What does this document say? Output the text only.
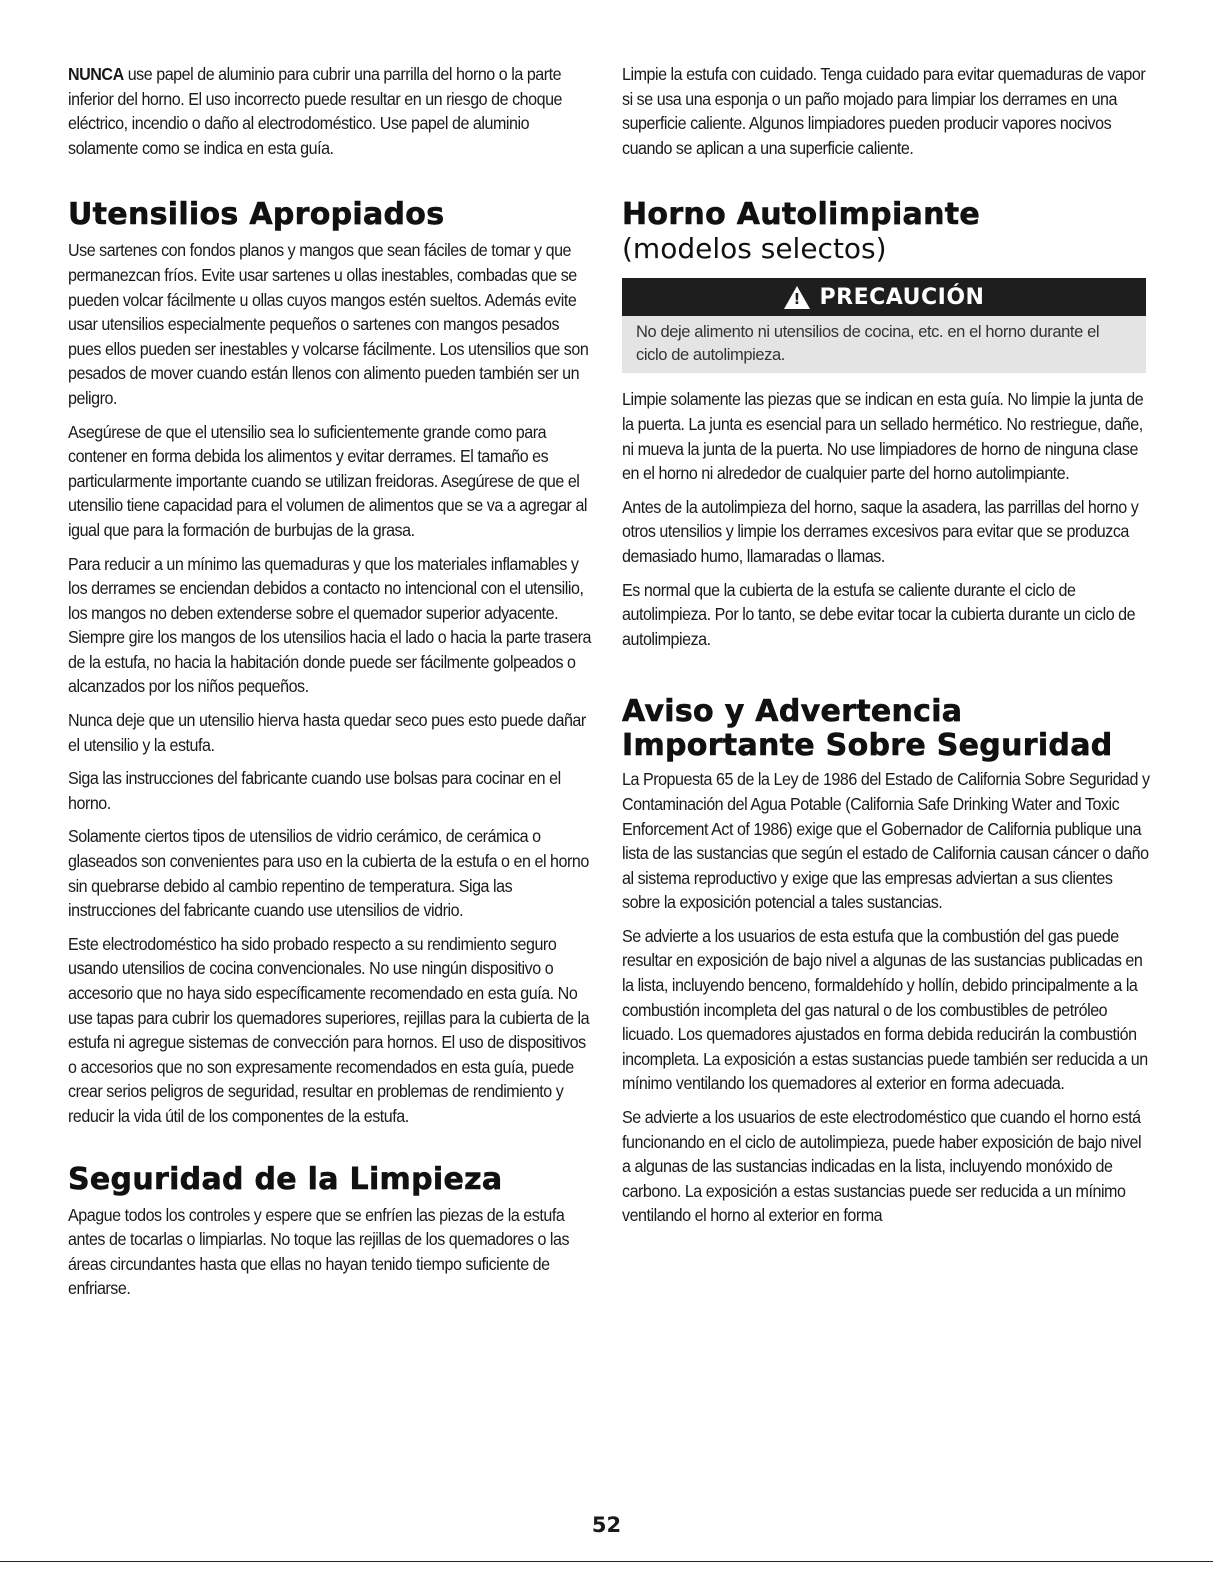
NUNCA use papel de aluminio para cubrir una parrilla del horno o la parte inferior del horno. El uso incorrecto puede resultar en un riesgo de choque eléctrico, incendio o daño al electrodoméstico. Use papel de aluminio solamente como se indica en esta guía.

Utensilios Apropiados

Use sartenes con fondos planos y mangos que sean fáciles de tomar y que permanezcan fríos. Evite usar sartenes u ollas inestables, combadas que se pueden volcar fácilmente u ollas cuyos mangos estén sueltos. Además evite usar utensilios especialmente pequeños o sartenes con mangos pesados pues ellos pueden ser inestables y volcarse fácilmente. Los utensilios que son pesados de mover cuando están llenos con alimento pueden también ser un peligro.

Asegúrese de que el utensilio sea lo suficientemente grande como para contener en forma debida los alimentos y evitar derrames. El tamaño es particularmente importante cuando se utilizan freidoras. Asegúrese de que el utensilio tiene capacidad para el volumen de alimentos que se va a agregar al igual que para la formación de burbujas de la grasa.

Para reducir a un mínimo las quemaduras y que los materiales inflamables y los derrames se enciendan debidos a contacto no intencional con el utensilio, los mangos no deben extenderse sobre el quemador superior adyacente. Siempre gire los mangos de los utensilios hacia el lado o hacia la parte trasera de la estufa, no hacia la habitación donde puede ser fácilmente golpeados o alcanzados por los niños pequeños.

Nunca deje que un utensilio hierva hasta quedar seco pues esto puede dañar el utensilio y la estufa.

Siga las instrucciones del fabricante cuando use bolsas para cocinar en el horno.

Solamente ciertos tipos de utensilios de vidrio cerámico, de cerámica o glaseados son convenientes para uso en la cubierta de la estufa o en el horno sin quebrarse debido al cambio repentino de temperatura. Siga las instrucciones del fabricante cuando use utensilios de vidrio.

Este electrodoméstico ha sido probado respecto a su rendimiento seguro usando utensilios de cocina convencionales. No use ningún dispositivo o accesorio que no haya sido específicamente recomendado en esta guía. No use tapas para cubrir los quemadores superiores, rejillas para la cubierta de la estufa ni agregue sistemas de convección para hornos. El uso de dispositivos o accesorios que no son expresamente recomendados en esta guía, puede crear serios peligros de seguridad, resultar en problemas de rendimiento y reducir la vida útil de los componentes de la estufa.

Seguridad de la Limpieza

Apague todos los controles y espere que se enfríen las piezas de la estufa antes de tocarlas o limpiarlas. No toque las rejillas de los quemadores o las áreas circundantes hasta que ellas no hayan tenido tiempo suficiente de enfriarse.

Limpie la estufa con cuidado. Tenga cuidado para evitar quemaduras de vapor si se usa una esponja o un paño mojado para limpiar los derrames en una superficie caliente. Algunos limpiadores pueden producir vapores nocivos cuando se aplican a una superficie caliente.

Horno Autolimpiante
(modelos selectos)
! PRECAUCIÓN
No deje alimento ni utensilios de cocina, etc. en el horno durante el ciclo de autolimpieza.

Limpie solamente las piezas que se indican en esta guía. No limpie la junta de la puerta. La junta es esencial para un sellado hermético. No restriegue, dañe, ni mueva la junta de la puerta. No use limpiadores de horno de ninguna clase en el horno ni alrededor de cualquier parte del horno autolimpiante.

Antes de la autolimpieza del horno, saque la asadera, las parrillas del horno y otros utensilios y limpie los derrames excesivos para evitar que se produzca demasiado humo, llamaradas o llamas.

Es normal que la cubierta de la estufa se caliente durante el ciclo de autolimpieza. Por lo tanto, se debe evitar tocar la cubierta durante un ciclo de autolimpieza.

Aviso y Advertencia
Importante Sobre Seguridad

La Propuesta 65 de la Ley de 1986 del Estado de California Sobre Seguridad y Contaminación del Agua Potable (California Safe Drinking Water and Toxic Enforcement Act of 1986) exige que el Gobernador de California publique una lista de las sustancias que según el estado de California causan cáncer o daño al sistema reproductivo y exige que las empresas adviertan a sus clientes sobre la exposición potencial a tales sustancias.

Se advierte a los usuarios de esta estufa que la combustión del gas puede resultar en exposición de bajo nivel a algunas de las sustancias publicadas en la lista, incluyendo benceno, formaldehído y hollín, debido principalmente a la combustión incompleta del gas natural o de los combustibles de petróleo licuado. Los quemadores ajustados en forma debida reducirán la combustión incompleta. La exposición a estas sustancias puede también ser reducida a un mínimo ventilando los quemadores al exterior en forma adecuada.

Se advierte a los usuarios de este electrodoméstico que cuando el horno está funcionando en el ciclo de autolimpieza, puede haber exposición de bajo nivel a algunas de las sustancias indicadas en la lista, incluyendo monóxido de carbono. La exposición a estas sustancias puede ser reducida a un mínimo ventilando el horno al exterior en forma

52
